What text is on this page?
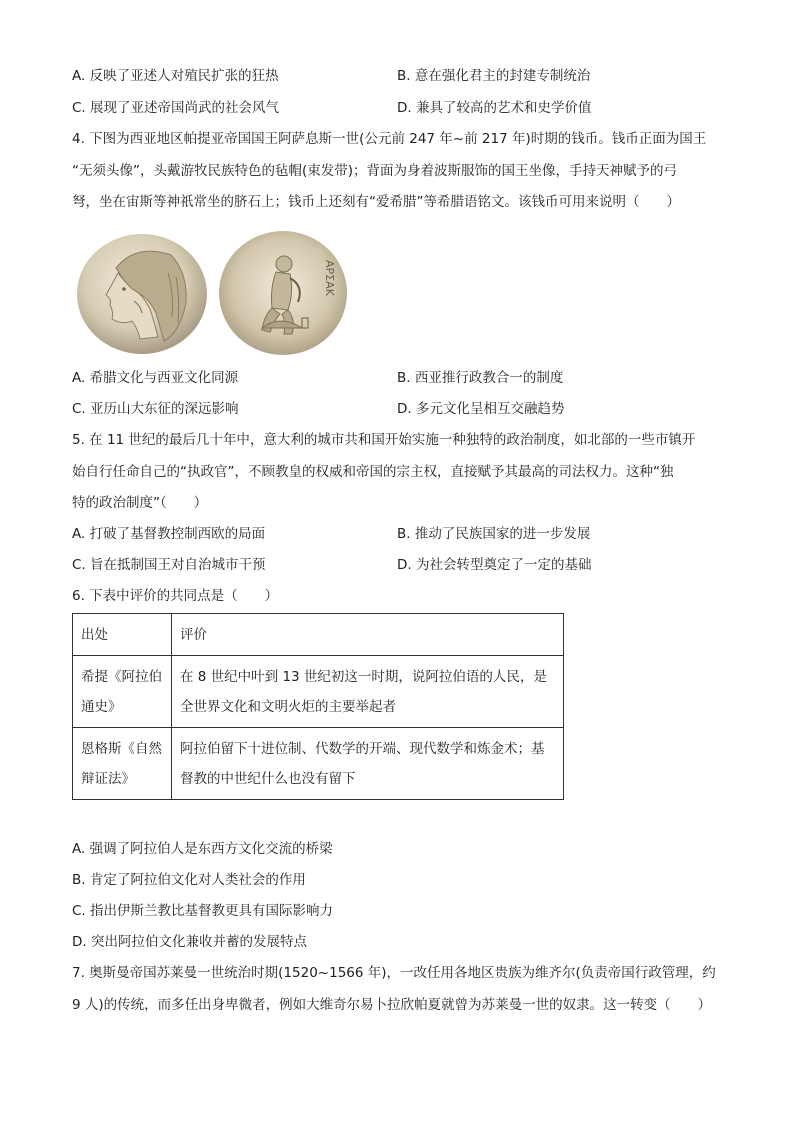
A. 反映了亚述人对殖民扩张的狂热	B. 意在强化君主的封建专制统治
C. 展现了亚述帝国尚武的社会风气	D. 兼具了较高的艺术和史学价值
4. 下图为西亚地区帕提亚帝国国王阿萨息斯一世(公元前 247 年~前 217 年)时期的钱币。钱币正面为国王
“无须头像”，头戴游牧民族特色的毡帽(束发带)；背面为身着波斯服饰的国王坐像，手持天神赋予的弓
弩，坐在宙斯等神祇常坐的脐石上；钱币上还刻有“爱希腊”等希腊语铭文。该钱币可用来说明（　　）
ΑΡΣΑΚ
A. 希腊文化与西亚文化同源	B. 西亚推行政教合一的制度
C. 亚历山大东征的深远影响	D. 多元文化呈相互交融趋势
5. 在 11 世纪的最后几十年中，意大利的城市共和国开始实施一种独特的政治制度，如北部的一些市镇开
始自行任命自己的“执政官”，不顾教皇的权威和帝国的宗主权，直接赋予其最高的司法权力。这种“独
特的政治制度”（　　）
A. 打破了基督教控制西欧的局面	B. 推动了民族国家的进一步发展
C. 旨在抵制国王对自治城市干预	D. 为社会转型奠定了一定的基础
6. 下表中评价的共同点是（　　）
出处	评价

希提《阿拉伯通史》	在 8 世纪中叶到 13 世纪初这一时期，说阿拉伯语的人民，是全世界文化和文明火炬的主要举起者

恩格斯《自然辩证法》	阿拉伯留下十进位制、代数学的开端、现代数学和炼金术；基督教的中世纪什么也没有留下
A. 强调了阿拉伯人是东西方文化交流的桥梁
B. 肯定了阿拉伯文化对人类社会的作用
C. 指出伊斯兰教比基督教更具有国际影响力
D. 突出阿拉伯文化兼收并蓄的发展特点
7. 奥斯曼帝国苏莱曼一世统治时期(1520~1566 年)，一改任用各地区贵族为维齐尔(负责帝国行政管理，约
9 人)的传统，而多任出身卑微者，例如大维奇尔易卜拉欣帕夏就曾为苏莱曼一世的奴隶。这一转变（　　）
